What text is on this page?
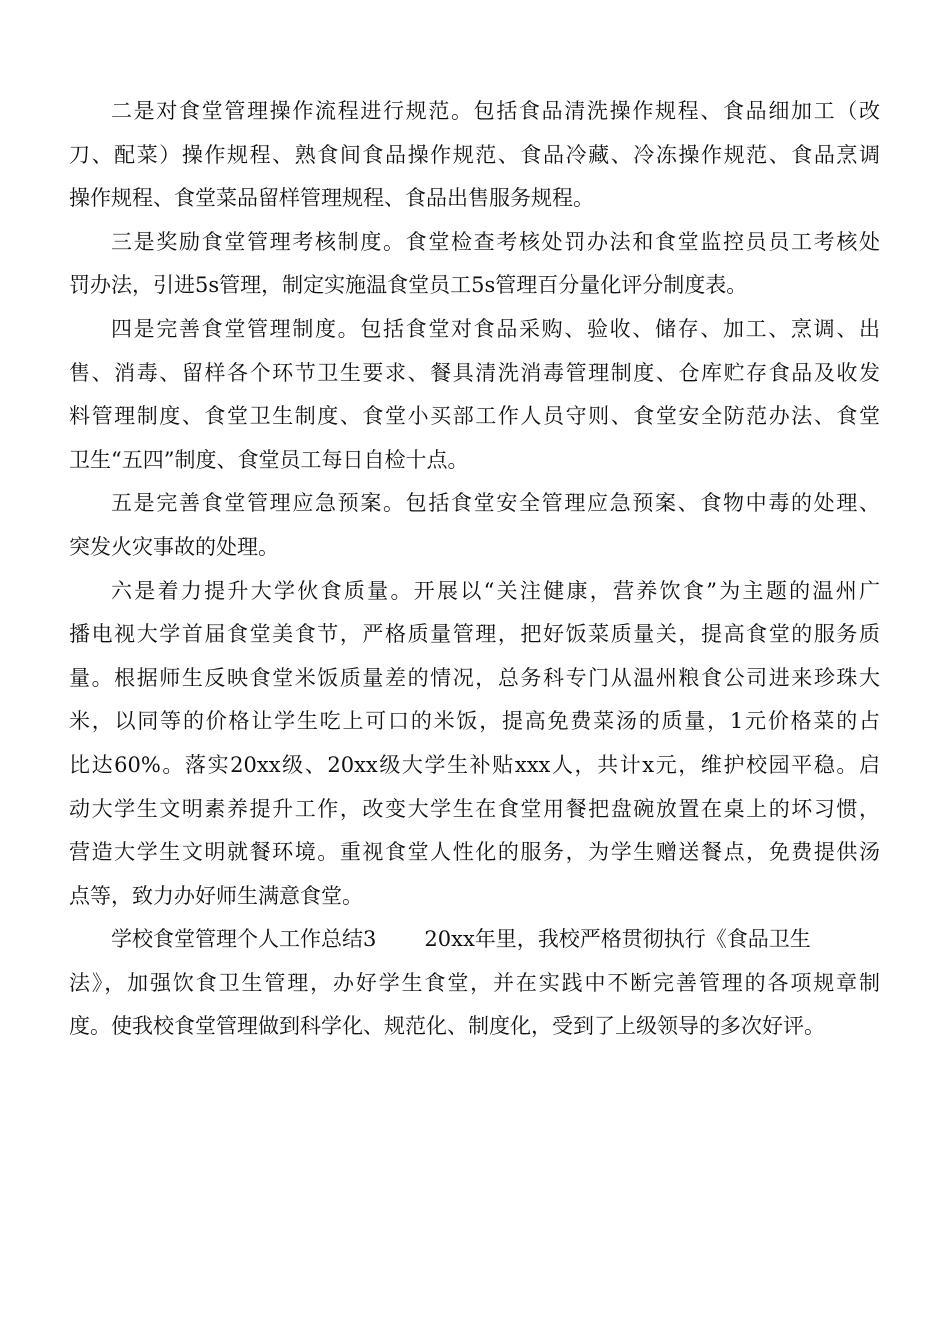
二是对食堂管理操作流程进行规范。包括食品清洗操作规程、食品细加工（改
刀、配菜）操作规程、熟食间食品操作规范、食品冷藏、冷冻操作规范、食品烹调
操作规程、食堂菜品留样管理规程、食品出售服务规程。
三是奖励食堂管理考核制度。食堂检查考核处罚办法和食堂监控员员工考核处
罚办法，引进5s管理，制定实施温食堂员工5s管理百分量化评分制度表。
四是完善食堂管理制度。包括食堂对食品采购、验收、储存、加工、烹调、出
售、消毒、留样各个环节卫生要求、餐具清洗消毒管理制度、仓库贮存食品及收发
料管理制度、食堂卫生制度、食堂小买部工作人员守则、食堂安全防范办法、食堂
卫生“五四”制度、食堂员工每日自检十点。
五是完善食堂管理应急预案。包括食堂安全管理应急预案、食物中毒的处理、
突发火灾事故的处理。
六是着力提升大学伙食质量。开展以“关注健康，营养饮食”为主题的温州广
播电视大学首届食堂美食节，严格质量管理，把好饭菜质量关，提高食堂的服务质
量。根据师生反映食堂米饭质量差的情况，总务科专门从温州粮食公司进来珍珠大
米，以同等的价格让学生吃上可口的米饭，提高免费菜汤的质量，1元价格菜的占
比达60%。落实20xx级、20xx级大学生补贴xxx人，共计x元，维护校园平稳。启
动大学生文明素养提升工作，改变大学生在食堂用餐把盘碗放置在桌上的坏习惯，
营造大学生文明就餐环境。重视食堂人性化的服务，为学生赠送餐点，免费提供汤
点等，致力办好师生满意食堂。
学校食堂管理个人工作总结3 20xx年里，我校严格贯彻执行《食品卫生
法》，加强饮食卫生管理，办好学生食堂，并在实践中不断完善管理的各项规章制
度。使我校食堂管理做到科学化、规范化、制度化，受到了上级领导的多次好评。
